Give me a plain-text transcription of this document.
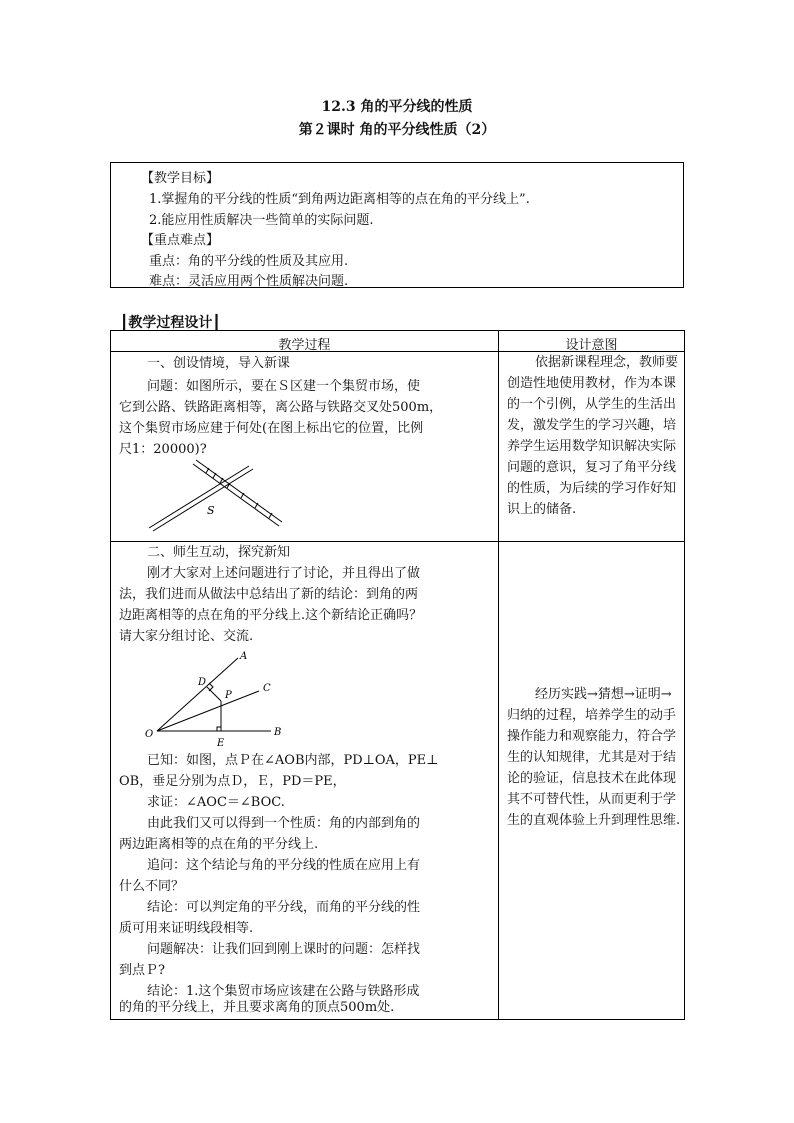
12.3 角的平分线的性质
第２课时 角的平分线性质（2）
【教学目标】
1.掌握角的平分线的性质“到角两边距离相等的点在角的平分线上”.
2.能应用性质解决一些简单的实际问题.
【重点难点】
重点：角的平分线的性质及其应用.
难点：灵活应用两个性质解决问题.
┃教学过程设计┃
教学过程	设计意图
一、创设情境，导入新课
问题：如图所示，要在Ｓ区建一个集贸市场，使
它到公路、铁路距离相等，离公路与铁路交叉处500m，
这个集贸市场应建于何处(在图上标出它的位置，比例
尺1：20000)?
S
依据新课程理念，教师要创造性地使用教材，作为本课的一个引例，从学生的生活出发，激发学生的学习兴趣，培养学生运用数学知识解决实际问题的意识，复习了角平分线的性质，为后续的学习作好知识上的储备.
二、师生互动，探究新知
刚才大家对上述问题进行了讨论，并且得出了做
法，我们进而从做法中总结出了新的结论：到角的两
边距离相等的点在角的平分线上.这个新结论正确吗？
请大家分组讨论、交流.
A
C
B
D
P
O
E
已知：如图，点Ｐ在∠AOB内部，PD⊥OA，PE⊥
OB，垂足分别为点Ｄ，Ｅ，PD＝PE，
求证：∠AOC＝∠BOC.
由此我们又可以得到一个性质：角的内部到角的
两边距离相等的点在角的平分线上.
追问：这个结论与角的平分线的性质在应用上有
什么不同？
结论：可以判定角的平分线，而角的平分线的性
质可用来证明线段相等.
问题解决：让我们回到刚上课时的问题：怎样找
到点Ｐ?
结论：1.这个集贸市场应该建在公路与铁路形成
的角的平分线上，并且要求离角的顶点500m处.
经历实践→猜想→证明→归纳的过程，培养学生的动手操作能力和观察能力，符合学生的认知规律，尤其是对于结论的验证，信息技术在此体现其不可替代性，从而更利于学生的直观体验上升到理性思维.
